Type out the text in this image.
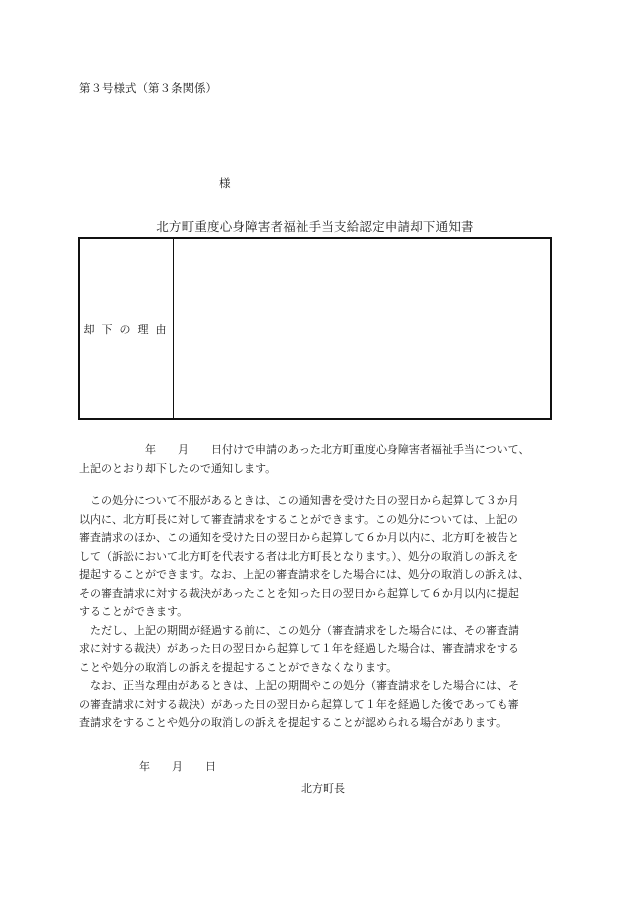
第３号様式（第３条関係）
様
北方町重度心身障害者福祉手当支給認定申請却下通知書
却下の理由
　　　　　　年　　月　　日付けで申請のあった北方町重度心身障害者福祉手当について、
上記のとおり却下したので通知します。
　この処分について不服があるときは、この通知書を受けた日の翌日から起算して３か月
以内に、北方町長に対して審査請求をすることができます。この処分については、上記の
審査請求のほか、この通知を受けた日の翌日から起算して６か月以内に、北方町を被告と
して（訴訟において北方町を代表する者は北方町長となります。）、処分の取消しの訴えを
提起することができます。なお、上記の審査請求をした場合には、処分の取消しの訴えは、
その審査請求に対する裁決があったことを知った日の翌日から起算して６か月以内に提起
することができます。
　ただし、上記の期間が経過する前に、この処分（審査請求をした場合には、その審査請
求に対する裁決）があった日の翌日から起算して１年を経過した場合は、審査請求をする
ことや処分の取消しの訴えを提起することができなくなります。
　なお、正当な理由があるときは、上記の期間やこの処分（審査請求をした場合には、そ
の審査請求に対する裁決）があった日の翌日から起算して１年を経過した後であっても審
査請求をすることや処分の取消しの訴えを提起することが認められる場合があります。
年　　月　　日
北方町長
